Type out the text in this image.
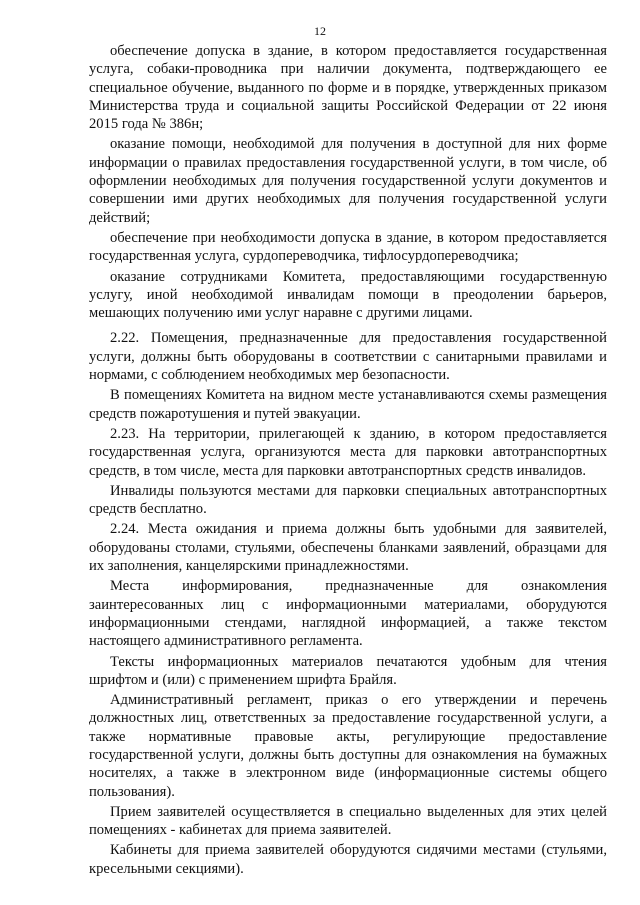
12

обеспечение допуска в здание, в котором предоставляется государственная услуга, собаки-проводника при наличии документа, подтверждающего ее специальное обучение, выданного по форме и в порядке, утвержденных приказом Министерства труда и социальной защиты Российской Федерации от 22 июня 2015 года № 386н;

оказание помощи, необходимой для получения в доступной для них форме информации о правилах предоставления государственной услуги, в том числе, об оформлении необходимых для получения государственной услуги документов и совершении ими других необходимых для получения государственной услуги действий;

обеспечение при необходимости допуска в здание, в котором предоставляется государственная услуга, сурдопереводчика, тифлосурдопереводчика;

оказание сотрудниками Комитета, предоставляющими государственную услугу, иной необходимой инвалидам помощи в преодолении барьеров, мешающих получению ими услуг наравне с другими лицами.

2.22. Помещения, предназначенные для предоставления государственной услуги, должны быть оборудованы в соответствии с санитарными правилами и нормами, с соблюдением необходимых мер безопасности.

В помещениях Комитета на видном месте устанавливаются схемы размещения средств пожаротушения и путей эвакуации.

2.23. На территории, прилегающей к зданию, в котором предоставляется государственная услуга, организуются места для парковки автотранспортных средств, в том числе, места для парковки автотранспортных средств инвалидов.

Инвалиды пользуются местами для парковки специальных автотранспортных средств бесплатно.

2.24. Места ожидания и приема должны быть удобными для заявителей, оборудованы столами, стульями, обеспечены бланками заявлений, образцами для их заполнения, канцелярскими принадлежностями.

Места информирования, предназначенные для ознакомления заинтересованных лиц с информационными материалами, оборудуются информационными стендами, наглядной информацией, а также текстом настоящего административного регламента.

Тексты информационных материалов печатаются удобным для чтения шрифтом и (или) с применением шрифта Брайля.

Административный регламент, приказ о его утверждении и перечень должностных лиц, ответственных за предоставление государственной услуги, а также нормативные правовые акты, регулирующие предоставление государственной услуги, должны быть доступны для ознакомления на бумажных носителях, а также в электронном виде (информационные системы общего пользования).

Прием заявителей осуществляется в специально выделенных для этих целей помещениях - кабинетах для приема заявителей.

Кабинеты для приема заявителей оборудуются сидячими местами (стульями, кресельными секциями).
